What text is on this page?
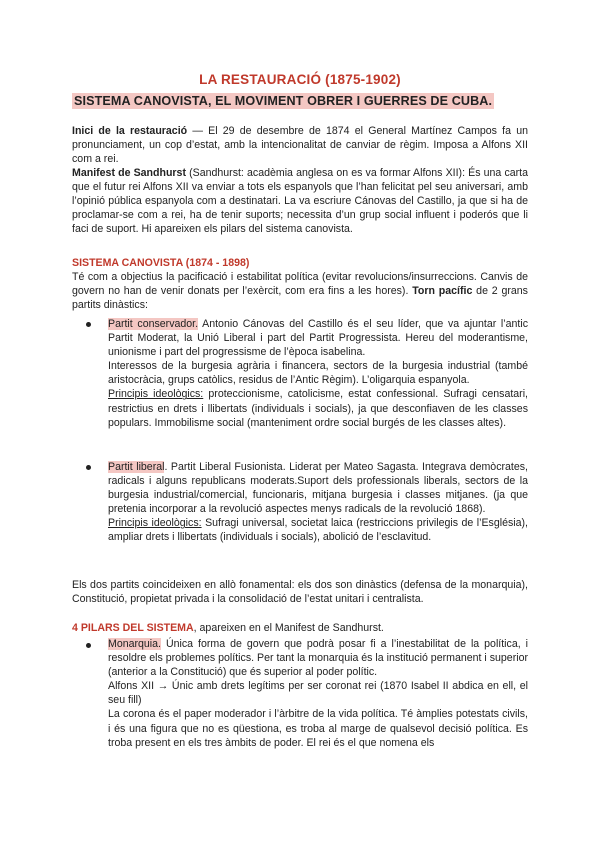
LA RESTAURACIÓ (1875-1902)
SISTEMA CANOVISTA, EL MOVIMENT OBRER I GUERRES DE CUBA.
Inici de la restauració — El 29 de desembre de 1874 el General Martínez Campos fa un pronunciament, un cop d’estat, amb la intencionalitat de canviar de règim. Imposa a Alfons XII com a rei.
Manifest de Sandhurst (Sandhurst: acadèmia anglesa on es va formar Alfons XII): És una carta que el futur rei Alfons XII va enviar a tots els espanyols que l’han felicitat pel seu aniversari, amb l’opinió pública espanyola com a destinatari. La va escriure Cánovas del Castillo, ja que si ha de proclamar-se com a rei, ha de tenir suports; necessita d’un grup social influent i poderós que li faci de suport. Hi apareixen els pilars del sistema canovista.
SISTEMA CANOVISTA (1874 - 1898)
Té com a objectius la pacificació i estabilitat política (evitar revolucions/insurreccions. Canvis de govern no han de venir donats per l’exèrcit, com era fins a les hores). Torn pacífic de 2 grans partits dinàstics:
Partit conservador. Antonio Cánovas del Castillo és el seu líder, que va ajuntar l’antic Partit Moderat, la Unió Liberal i part del Partit Progressista. Hereu del moderantisme, unionisme i part del progressisme de l’època isabelina.
Interessos de la burgesia agrària i financera, sectors de la burgesia industrial (també aristocràcia, grups catòlics, residus de l’Antic Règim). L’oligarquia espanyola.
Principis ideològics: proteccionisme, catolicisme, estat confessional. Sufragi censatari, restrictius en drets i llibertats (individuals i socials), ja que desconfiaven de les classes populars. Immobilisme social (manteniment ordre social burgés de les classes altes).
Partit liberal. Partit Liberal Fusionista. Liderat per Mateo Sagasta. Integrava demòcrates, radicals i alguns republicans moderats.Suport dels professionals liberals, sectors de la burgesia industrial/comercial, funcionaris, mitjana burgesia i classes mitjanes. (ja que pretenia incorporar a la revolució aspectes menys radicals de la revolució 1868).
Principis ideològics: Sufragi universal, societat laica (restriccions privilegis de l’Església), ampliar drets i llibertats (individuals i socials), abolició de l’esclavitud.
Els dos partits coincideixen en allò fonamental: els dos son dinàstics (defensa de la monarquia), Constitució, propietat privada i la consolidació de l’estat unitari i centralista.
4 PILARS DEL SISTEMA, apareixen en el Manifest de Sandhurst.
Monarquia. Única forma de govern que podrà posar fi a l’inestabilitat de la política, i resoldre els problemes polítics. Per tant la monarquia és la institució permanent i superior (anterior a la Constitució) que és superior al poder polític.
Alfons XII → Únic amb drets legítims per ser coronat rei (1870 Isabel II abdica en ell, el seu fill)
La corona és el paper moderador i l’àrbitre de la vida política. Té àmplies potestats civils, i és una figura que no es qüestiona, es troba al marge de qualsevol decisió política. Es troba present en els tres àmbits de poder. El rei és el que nomena els
